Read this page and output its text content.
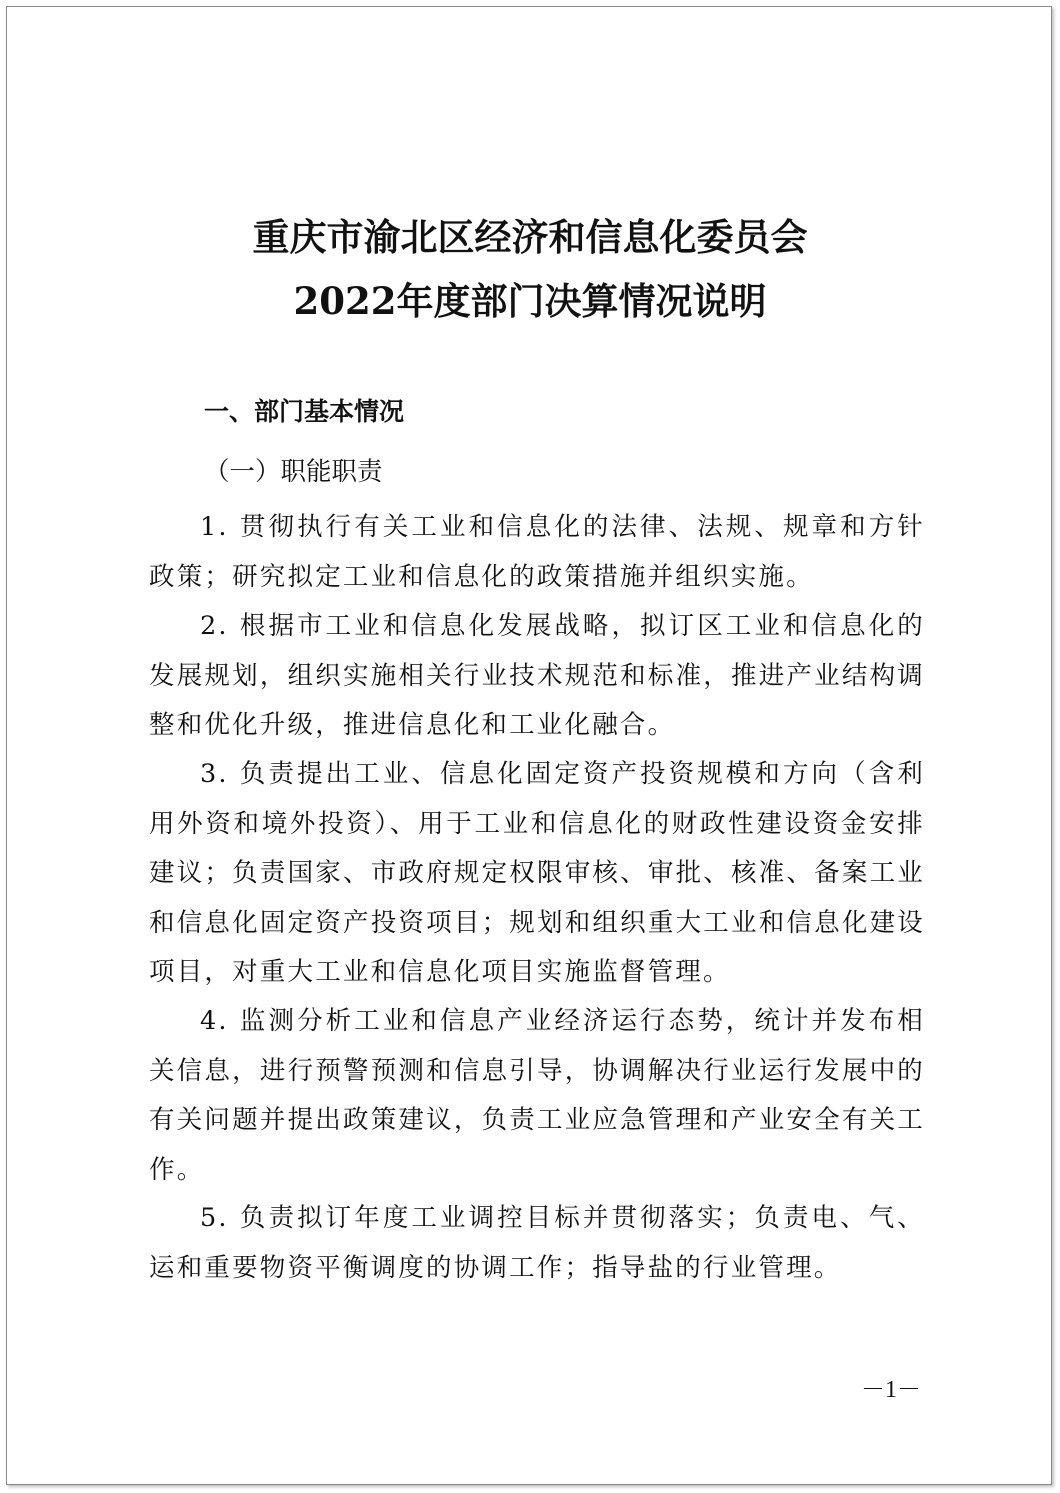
重庆市渝北区经济和信息化委员会
2022年度部门决算情况说明
一、部门基本情况
（一）职能职责
1. 贯彻执行有关工业和信息化的法律、法规、规章和方针政策；研究拟定工业和信息化的政策措施并组织实施。
2. 根据市工业和信息化发展战略，拟订区工业和信息化的发展规划，组织实施相关行业技术规范和标准，推进产业结构调整和优化升级，推进信息化和工业化融合。
3. 负责提出工业、信息化固定资产投资规模和方向（含利用外资和境外投资）、用于工业和信息化的财政性建设资金安排建议；负责国家、市政府规定权限审核、审批、核准、备案工业和信息化固定资产投资项目；规划和组织重大工业和信息化建设项目，对重大工业和信息化项目实施监督管理。
4. 监测分析工业和信息产业经济运行态势，统计并发布相关信息，进行预警预测和信息引导，协调解决行业运行发展中的有关问题并提出政策建议，负责工业应急管理和产业安全有关工作。
5. 负责拟订年度工业调控目标并贯彻落实；负责电、气、运和重要物资平衡调度的协调工作；指导盐的行业管理。
－1－
